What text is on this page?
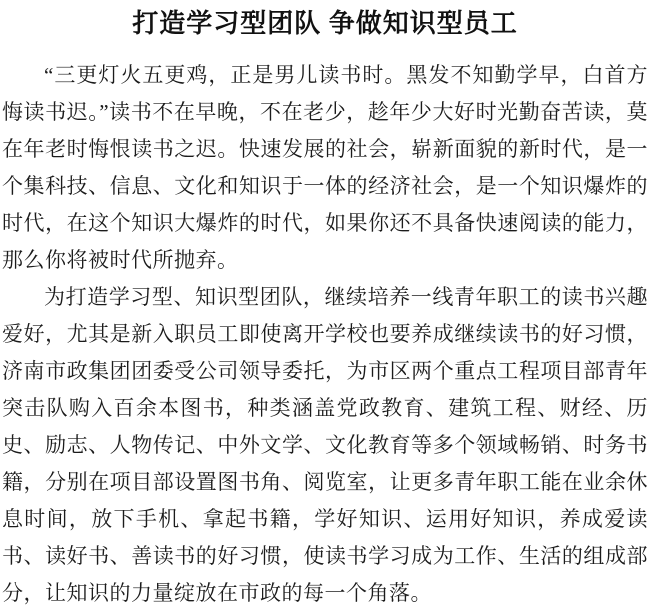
打造学习型团队 争做知识型员工

“三更灯火五更鸡，正是男儿读书时。黑发不知勤学早，白首方悔读书迟。”读书不在早晚，不在老少，趁年少大好时光勤奋苦读，莫在年老时悔恨读书之迟。快速发展的社会，崭新面貌的新时代，是一个集科技、信息、文化和知识于一体的经济社会，是一个知识爆炸的时代，在这个知识大爆炸的时代，如果你还不具备快速阅读的能力，那么你将被时代所抛弃。

为打造学习型、知识型团队，继续培养一线青年职工的读书兴趣爱好，尤其是新入职员工即使离开学校也要养成继续读书的好习惯，济南市政集团团委受公司领导委托，为市区两个重点工程项目部青年突击队购入百余本图书，种类涵盖党政教育、建筑工程、财经、历史、励志、人物传记、中外文学、文化教育等多个领域畅销、时务书籍，分别在项目部设置图书角、阅览室，让更多青年职工能在业余休息时间，放下手机、拿起书籍，学好知识、运用好知识，养成爱读书、读好书、善读书的好习惯，使读书学习成为工作、生活的组成部分，让知识的力量绽放在市政的每一个角落。
